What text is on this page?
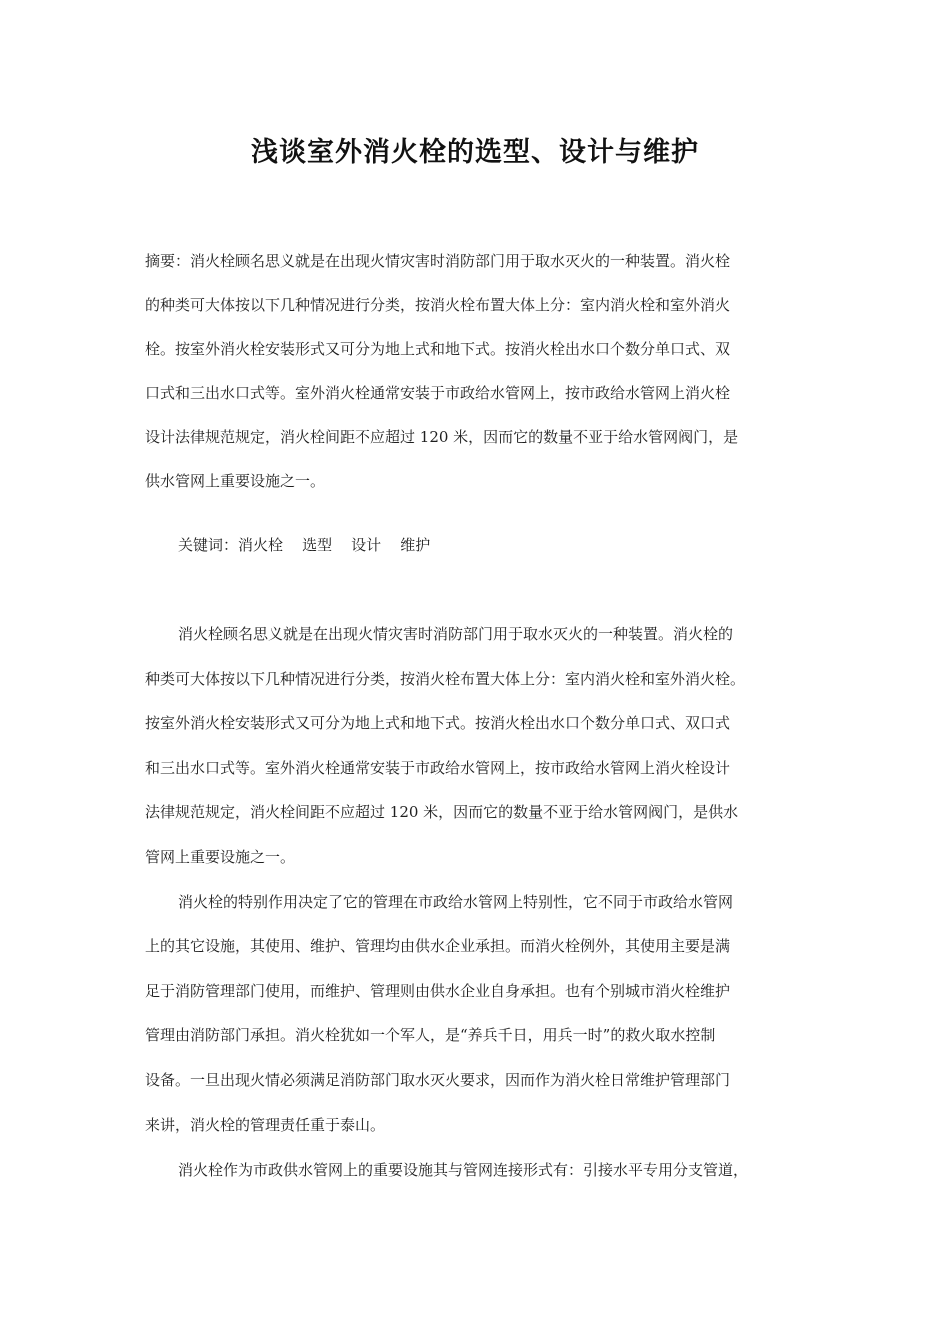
浅谈室外消火栓的选型、设计与维护
摘要：消火栓顾名思义就是在出现火情灾害时消防部门用于取水灭火的一种装置。消火栓
的种类可大体按以下几种情况进行分类，按消火栓布置大体上分：室内消火栓和室外消火
栓。按室外消火栓安装形式又可分为地上式和地下式。按消火栓出水口个数分单口式、双
口式和三出水口式等。室外消火栓通常安装于市政给水管网上，按市政给水管网上消火栓
设计法律规范规定，消火栓间距不应超过 120 米，因而它的数量不亚于给水管网阀门，是
供水管网上重要设施之一。
关键词：消火栓    选型    设计    维护
消火栓顾名思义就是在出现火情灾害时消防部门用于取水灭火的一种装置。消火栓的
种类可大体按以下几种情况进行分类，按消火栓布置大体上分：室内消火栓和室外消火栓。
按室外消火栓安装形式又可分为地上式和地下式。按消火栓出水口个数分单口式、双口式
和三出水口式等。室外消火栓通常安装于市政给水管网上，按市政给水管网上消火栓设计
法律规范规定，消火栓间距不应超过 120 米，因而它的数量不亚于给水管网阀门，是供水
管网上重要设施之一。
消火栓的特别作用决定了它的管理在市政给水管网上特别性，它不同于市政给水管网
上的其它设施，其使用、维护、管理均由供水企业承担。而消火栓例外，其使用主要是满
足于消防管理部门使用，而维护、管理则由供水企业自身承担。也有个别城市消火栓维护
管理由消防部门承担。消火栓犹如一个军人，是“养兵千日，用兵一时”的救火取水控制
设备。一旦出现火情必须满足消防部门取水灭火要求，因而作为消火栓日常维护管理部门
来讲，消火栓的管理责任重于泰山。
消火栓作为市政供水管网上的重要设施其与管网连接形式有：引接水平专用分支管道，
